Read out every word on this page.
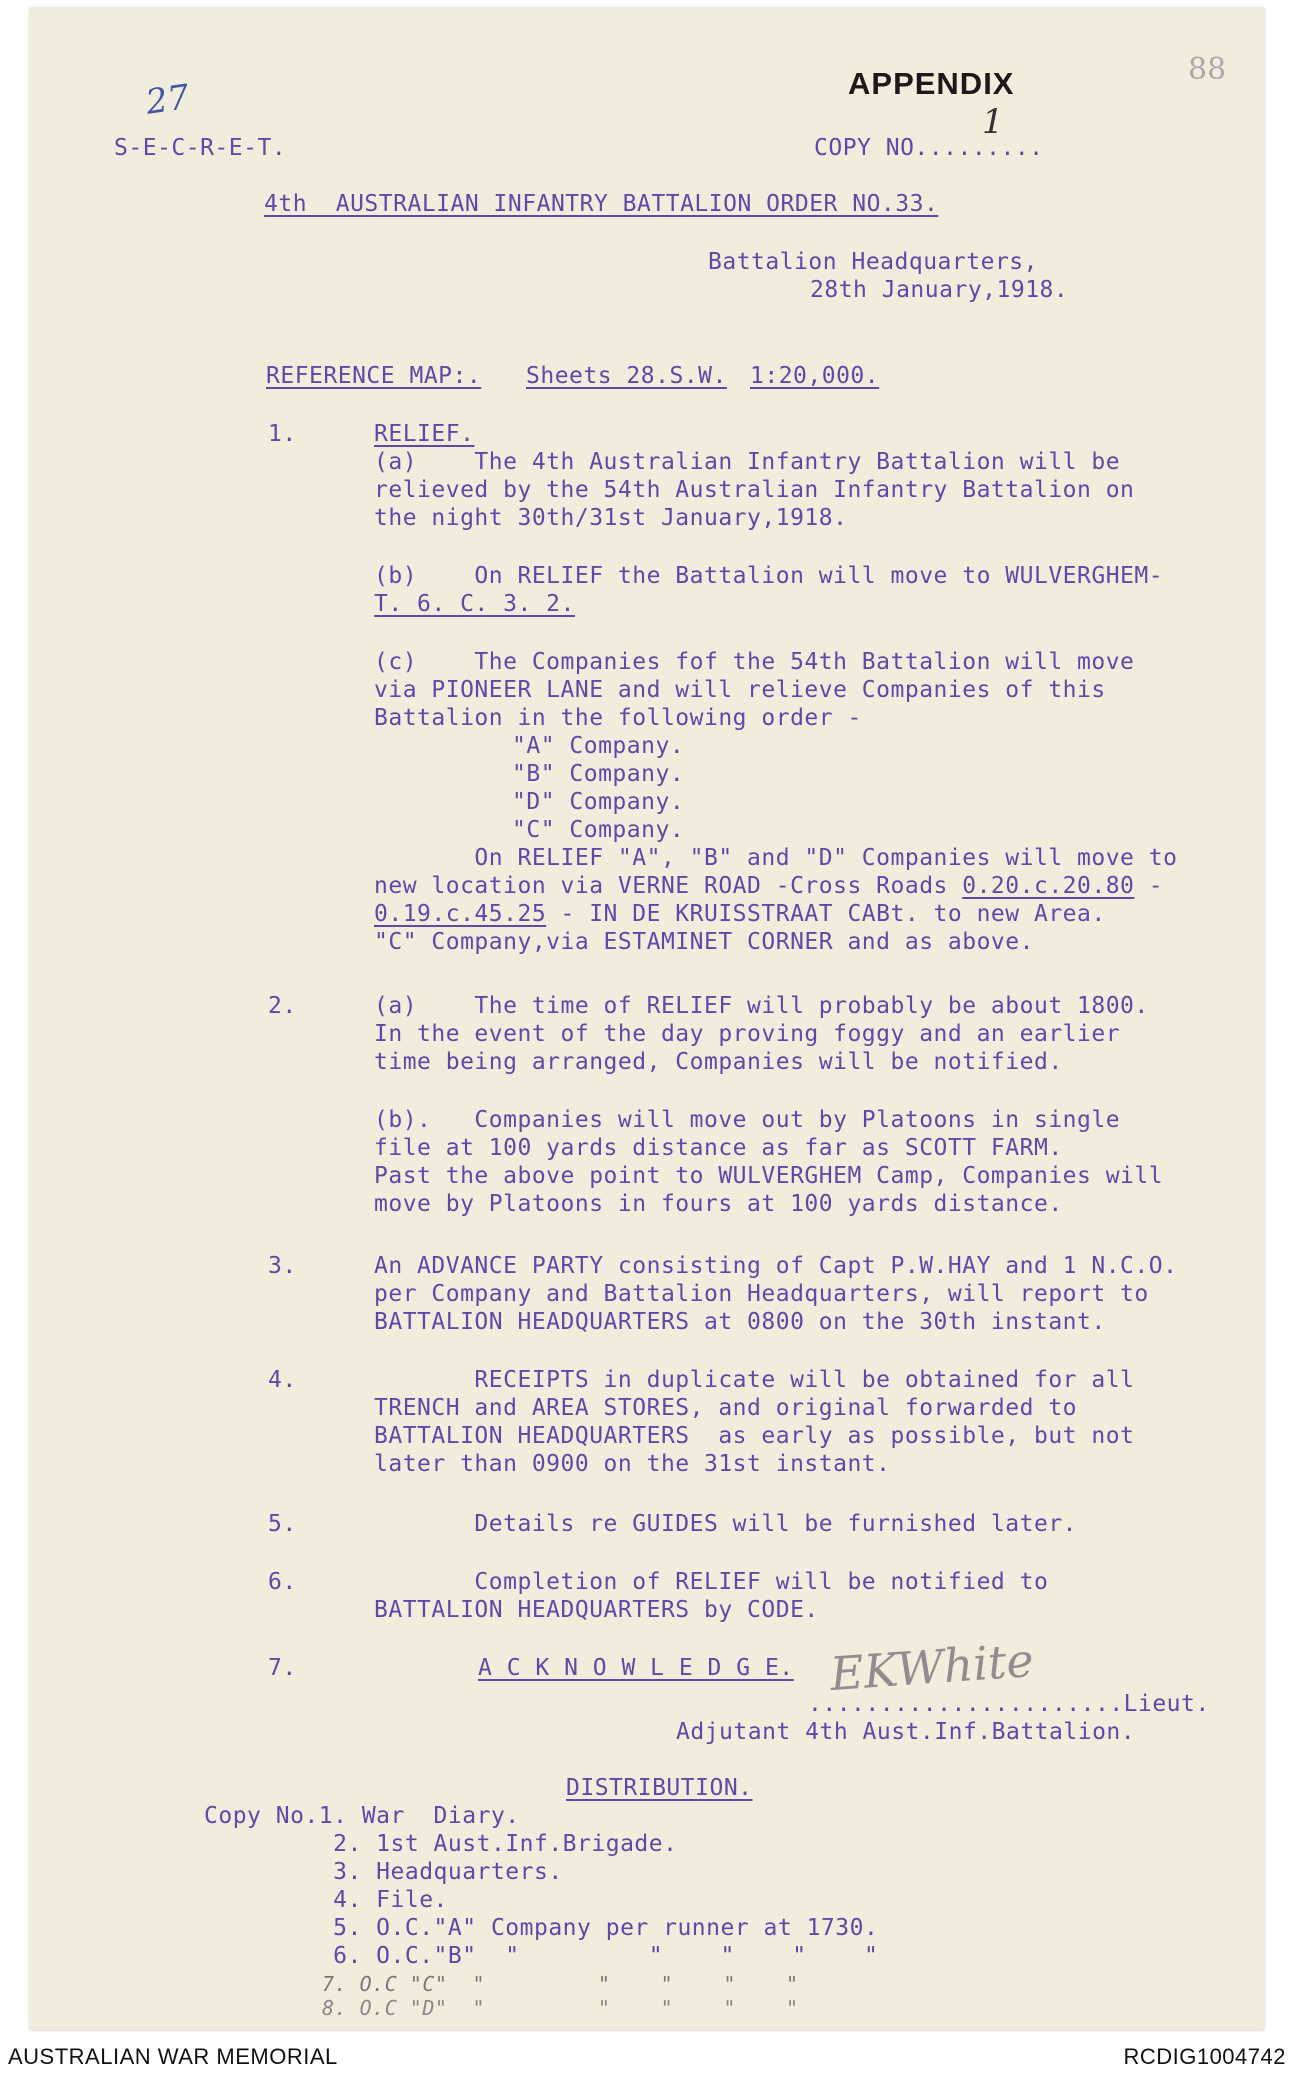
27
88
APPENDIX
1
S-E-C-R-E-T.	COPY NO.........
4th  AUSTRALIAN INFANTRY BATTALION ORDER NO.33.
Battalion Headquarters,
28th January,1918.
REFERENCE MAP:. Sheets 28.S.W. 1:20,000.
1.	RELIEF.
(a)    The 4th Australian Infantry Battalion will be
relieved by the 54th Australian Infantry Battalion on
the night 30th/31st January,1918.
(b)    On RELIEF the Battalion will move to WULVERGHEM-
T. 6. C. 3. 2.
(c)    The Companies fof the 54th Battalion will move
via PIONEER LANE and will relieve Companies of this
Battalion in the following order -
"A" Company.
"B" Company.
"D" Company.
"C" Company.
On RELIEF "A", "B" and "D" Companies will move to
new location via VERNE ROAD -Cross Roads 0.20.c.20.80 -
0.19.c.45.25 - IN DE KRUISSTRAAT CABt. to new Area.
"C" Company,via ESTAMINET CORNER and as above.
2.	(a)    The time of RELIEF will probably be about 1800.
In the event of the day proving foggy and an earlier
time being arranged, Companies will be notified.
(b).   Companies will move out by Platoons in single
file at 100 yards distance as far as SCOTT FARM.
Past the above point to WULVERGHEM Camp, Companies will
move by Platoons in fours at 100 yards distance.
3.	An ADVANCE PARTY consisting of Capt P.W.HAY and 1 N.C.O.
per Company and Battalion Headquarters, will report to
BATTALION HEADQUARTERS at 0800 on the 30th instant.
4.	RECEIPTS in duplicate will be obtained for all
TRENCH and AREA STORES, and original forwarded to
BATTALION HEADQUARTERS  as early as possible, but not
later than 0900 on the 31st instant.
5.	Details re GUIDES will be furnished later.
6.	Completion of RELIEF will be notified to
BATTALION HEADQUARTERS by CODE.
7.	A C K N O W L E D G E. EKWhite
......................Lieut.
Adjutant 4th Aust.Inf.Battalion.
DISTRIBUTION.
Copy No.1. War  Diary.
2. 1st Aust.Inf.Brigade.
3. Headquarters.
4. File.
5. O.C."A" Company per runner at 1730.
6. O.C."B"  "         "    "    "    "
7. O.C "C"  "         "    "    "    "
8. O.C "D"  "         "    "    "    "
AUSTRALIAN WAR MEMORIAL	RCDIG1004742
